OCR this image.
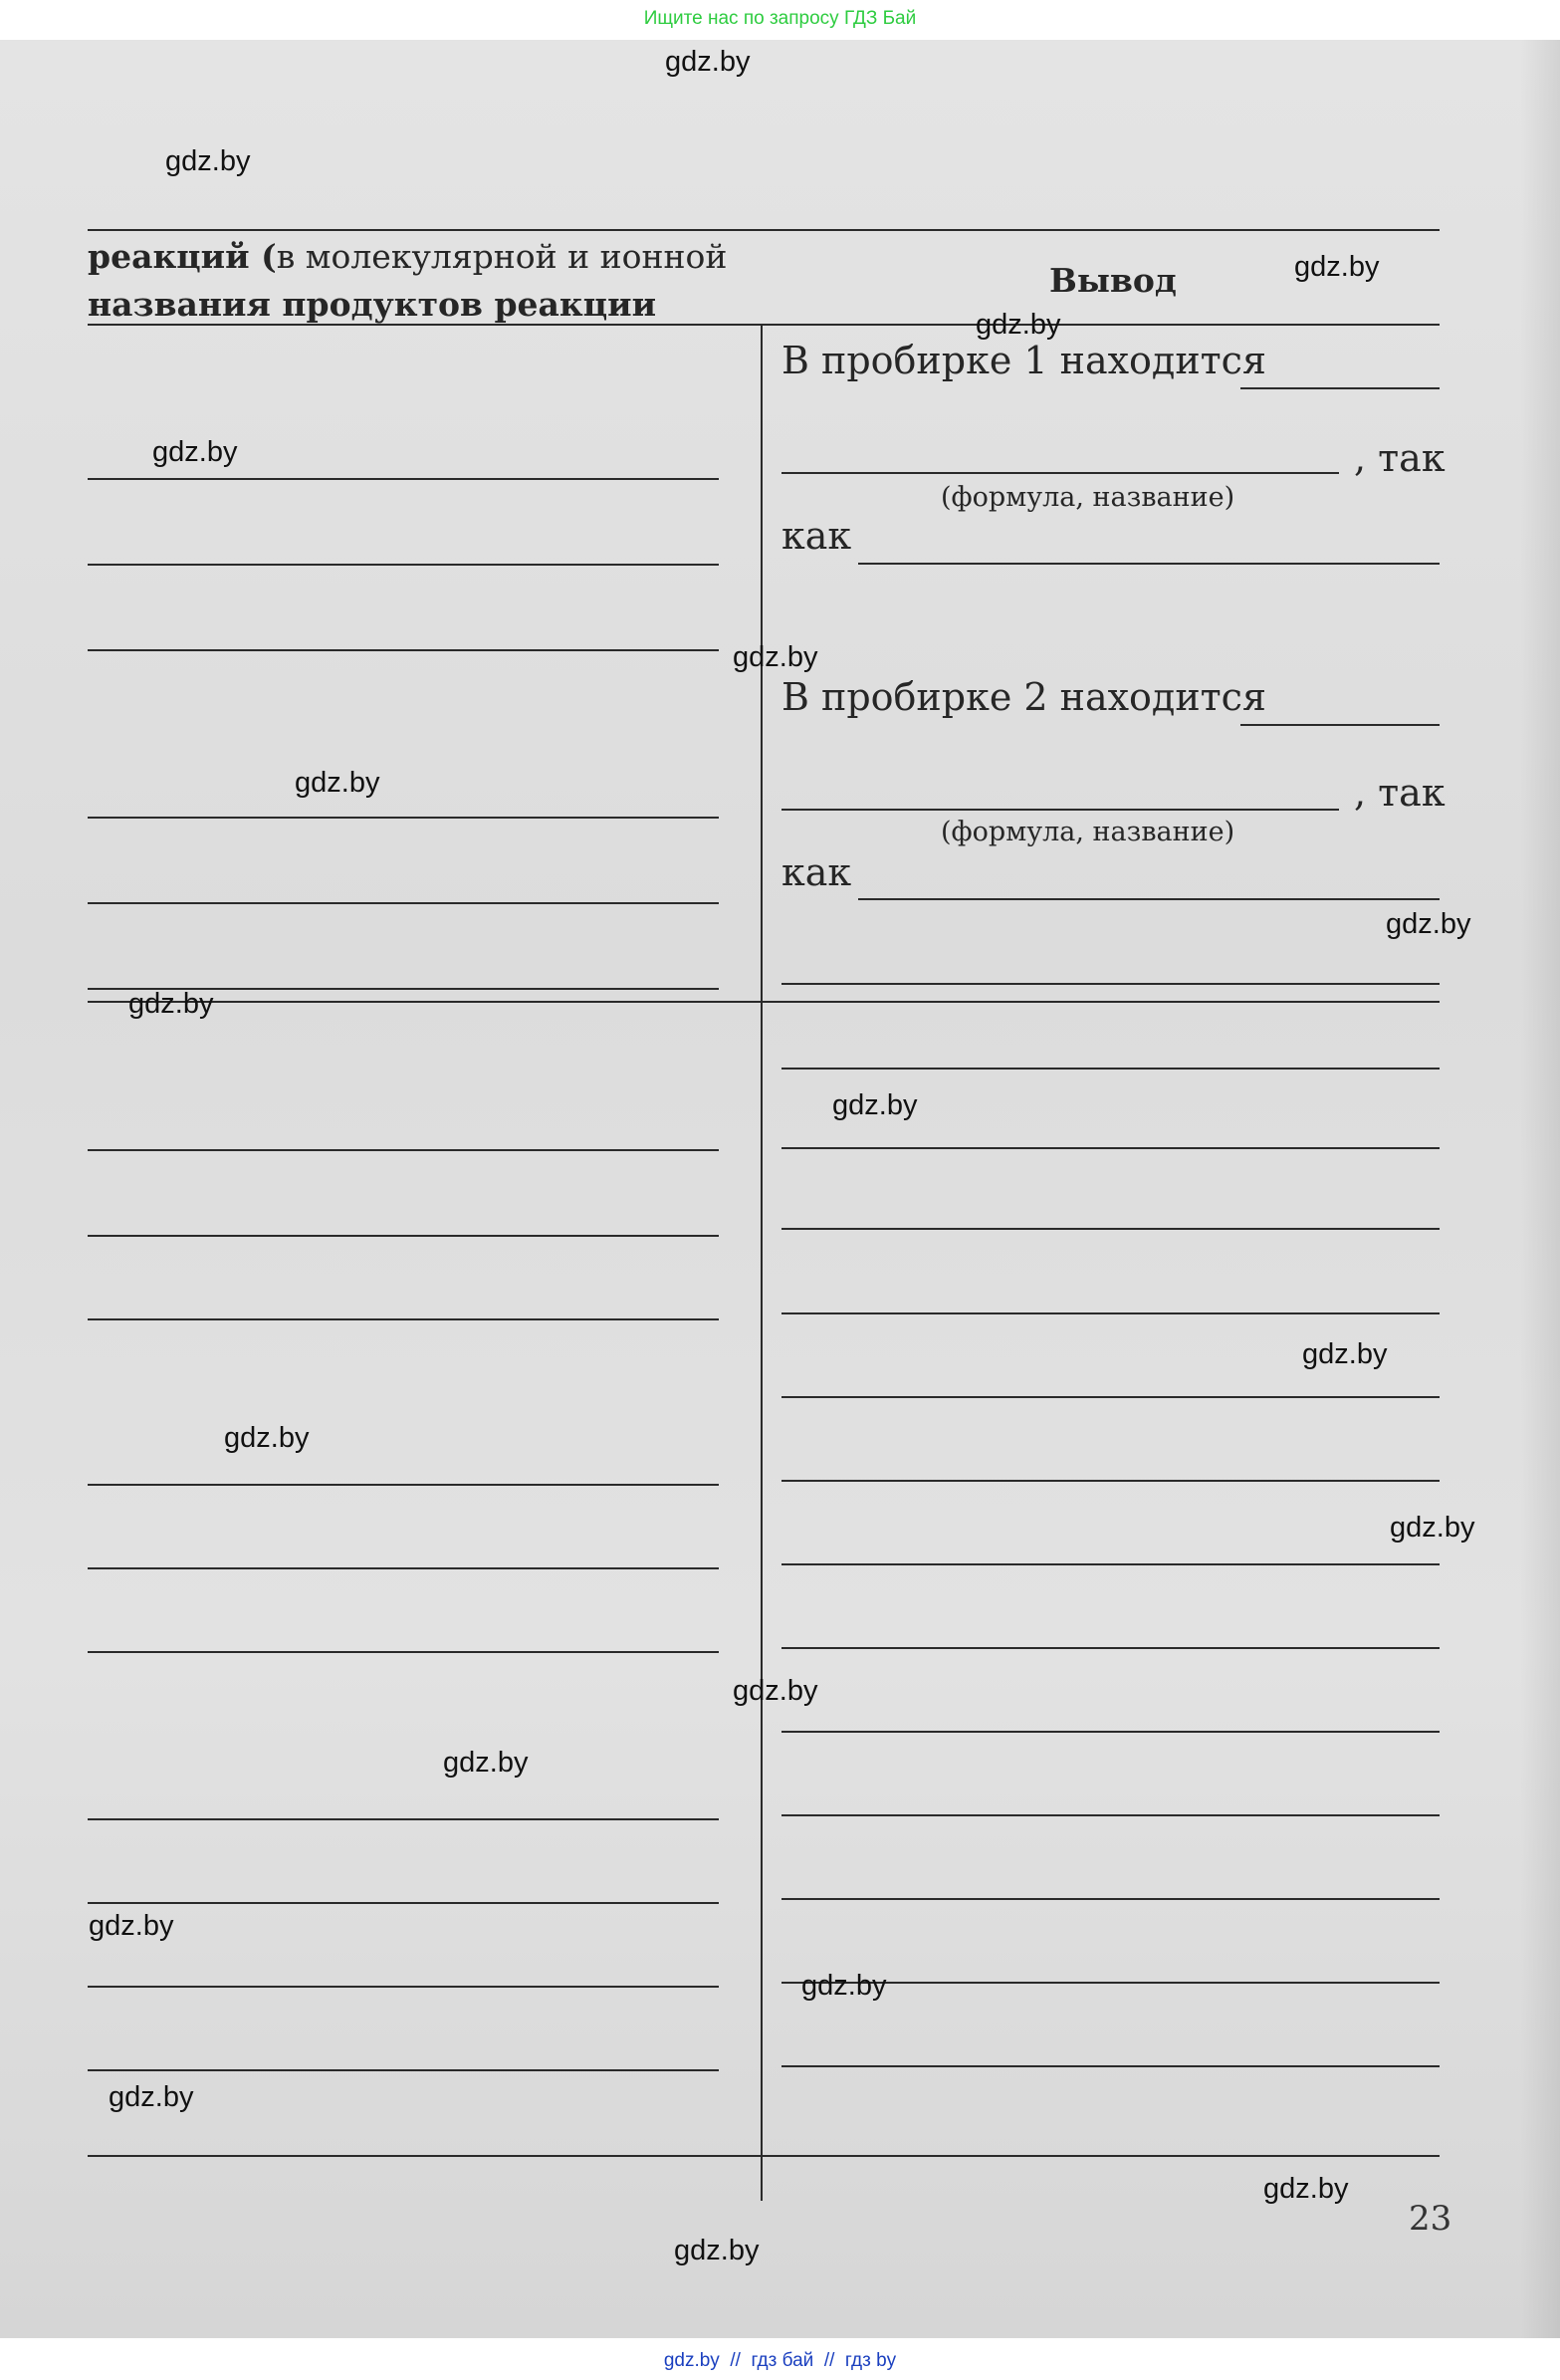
Ищите нас по запросу ГДЗ Бай
реакций (в молекулярной и ионной
названия продуктов реакции
Вывод
В пробирке 1 находится
, так
(формула, название)
как
В пробирке 2 находится
, так
(формула, название)
как
23
gdz.by
gdz.by
gdz.by
gdz.by
gdz.by
gdz.by
gdz.by
gdz.by
gdz.by
gdz.by
gdz.by
gdz.by
gdz.by
gdz.by
gdz.by
gdz.by
gdz.by
gdz.by
gdz.by
gdz.by
gdz.by  //  гдз бай  //  гдз by
